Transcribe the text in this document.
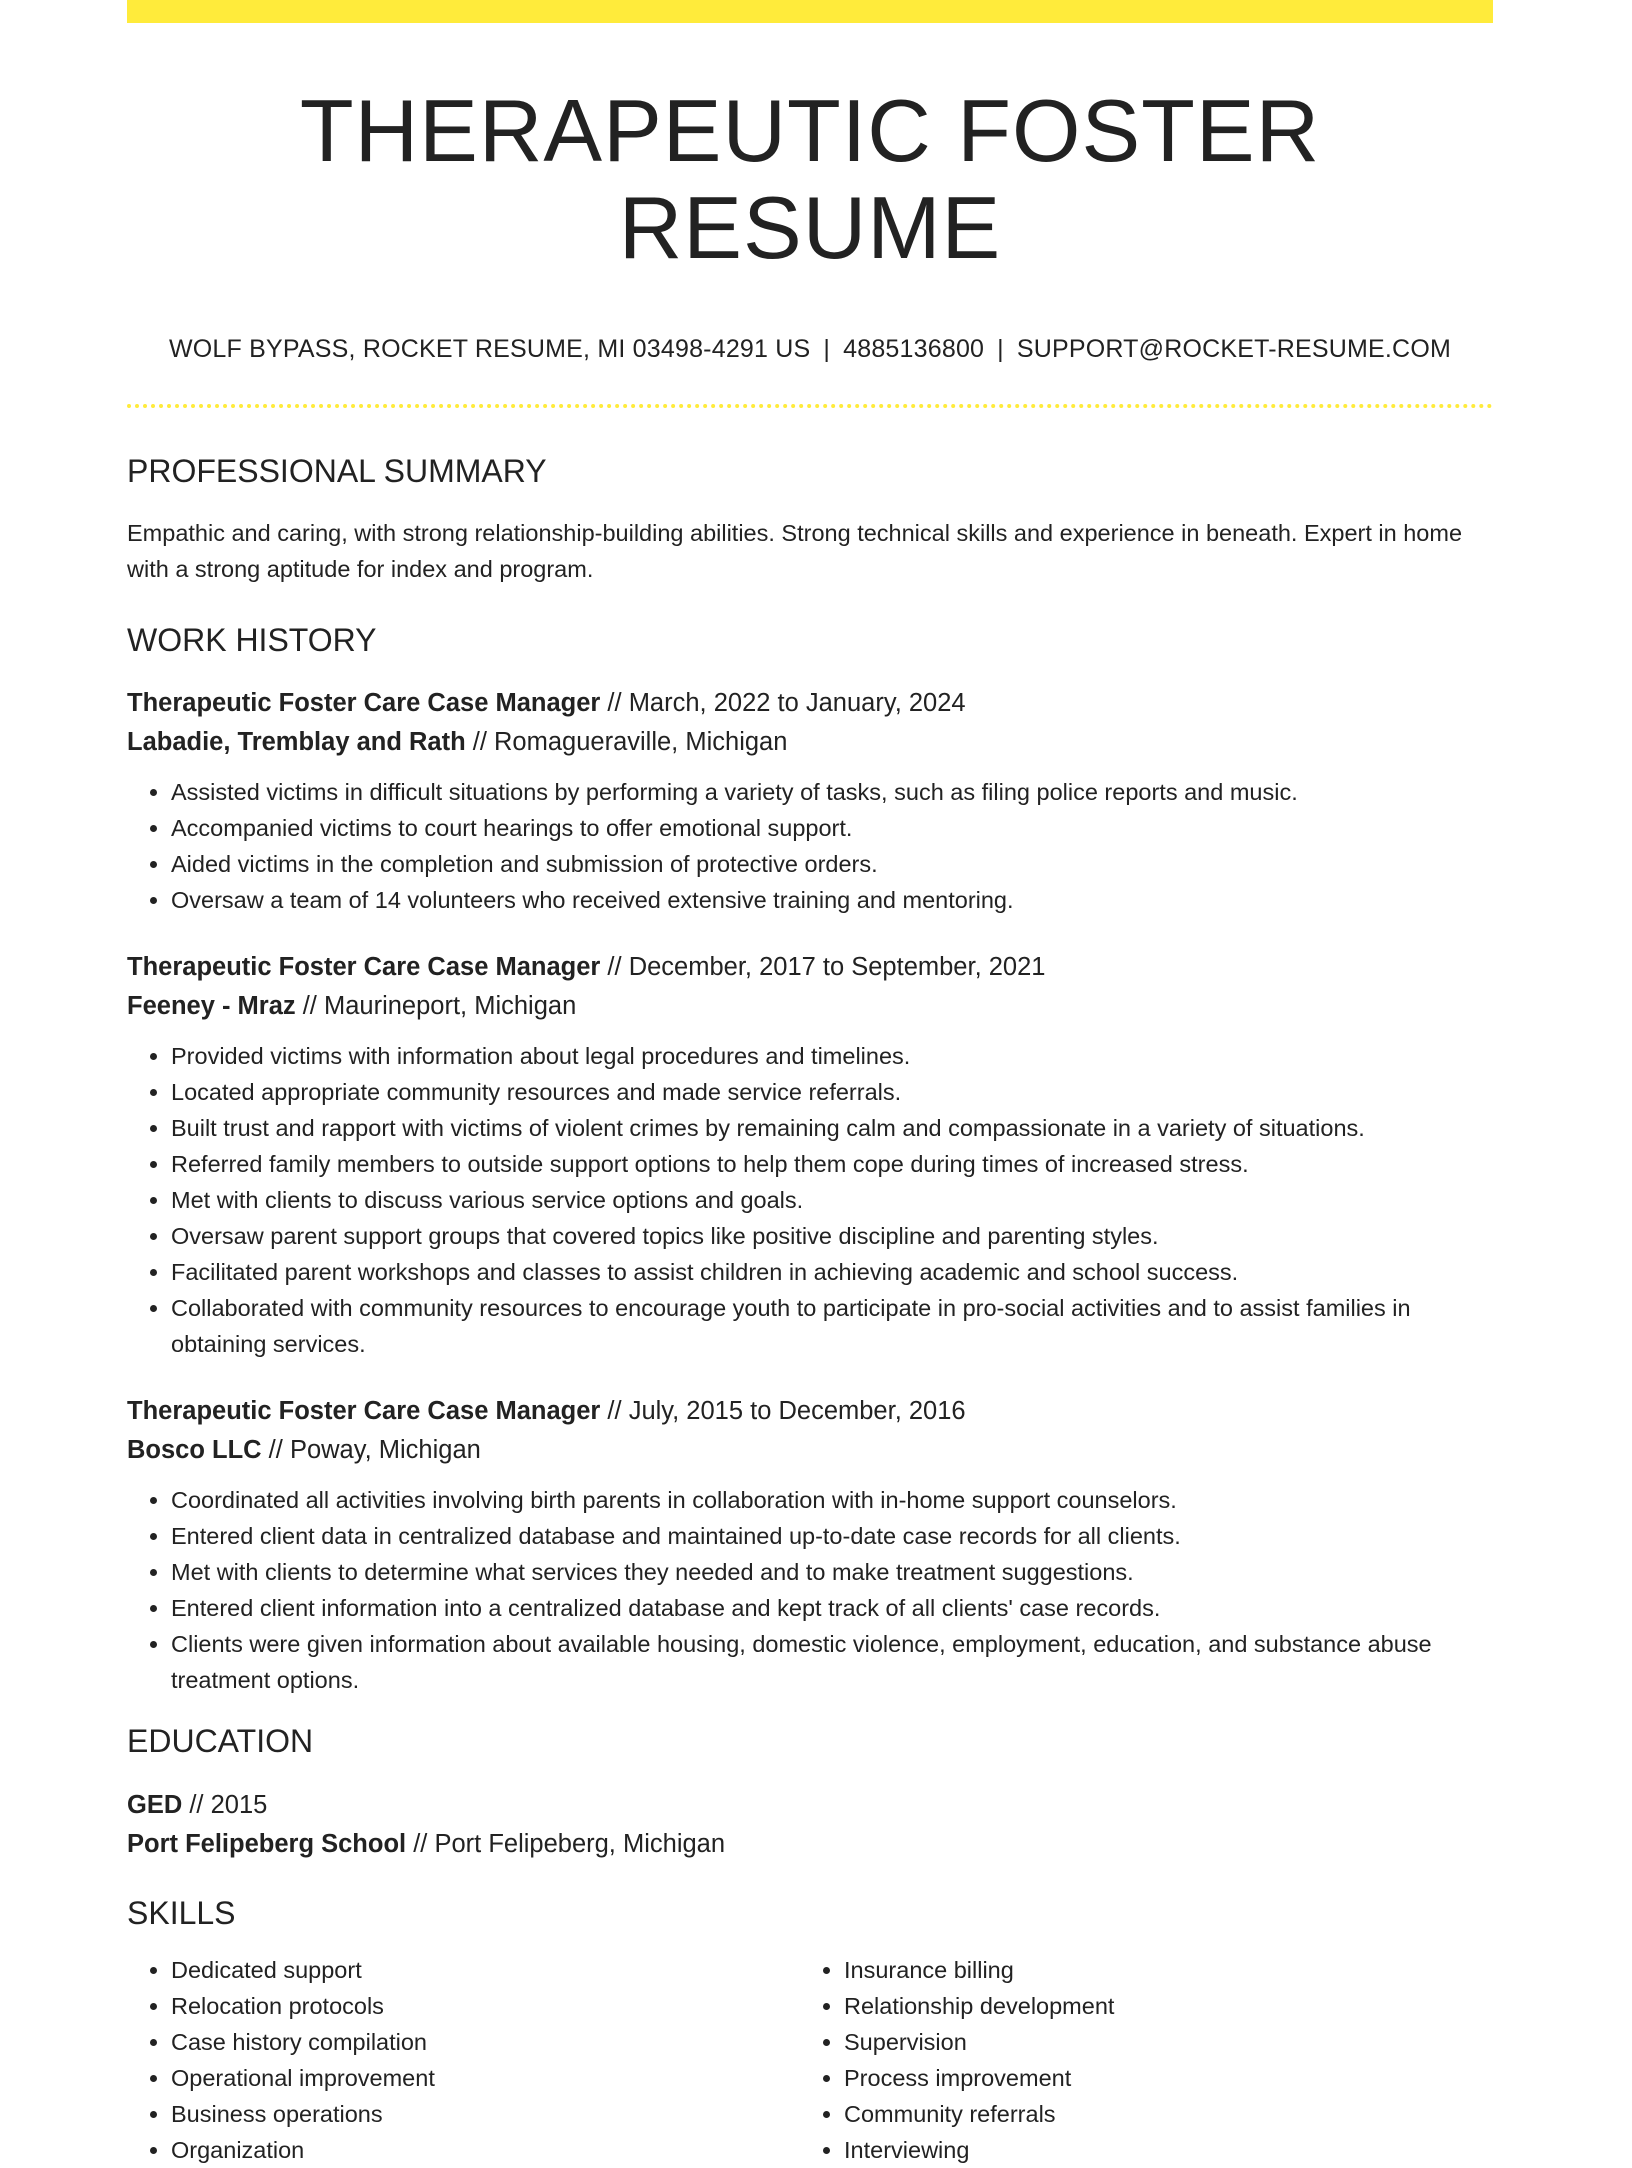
THERAPEUTIC FOSTER RESUME
WOLF BYPASS, ROCKET RESUME, MI 03498-4291 US | 4885136800 | SUPPORT@ROCKET-RESUME.COM
PROFESSIONAL SUMMARY
Empathic and caring, with strong relationship-building abilities. Strong technical skills and experience in beneath. Expert in home with a strong aptitude for index and program.
WORK HISTORY
Therapeutic Foster Care Case Manager // March, 2022 to January, 2024
Labadie, Tremblay and Rath // Romagueraville, Michigan
• Assisted victims in difficult situations by performing a variety of tasks, such as filing police reports and music.
• Accompanied victims to court hearings to offer emotional support.
• Aided victims in the completion and submission of protective orders.
• Oversaw a team of 14 volunteers who received extensive training and mentoring.
Therapeutic Foster Care Case Manager // December, 2017 to September, 2021
Feeney - Mraz // Maurineport, Michigan
• Provided victims with information about legal procedures and timelines.
• Located appropriate community resources and made service referrals.
• Built trust and rapport with victims of violent crimes by remaining calm and compassionate in a variety of situations.
• Referred family members to outside support options to help them cope during times of increased stress.
• Met with clients to discuss various service options and goals.
• Oversaw parent support groups that covered topics like positive discipline and parenting styles.
• Facilitated parent workshops and classes to assist children in achieving academic and school success.
• Collaborated with community resources to encourage youth to participate in pro-social activities and to assist families in obtaining services.
Therapeutic Foster Care Case Manager // July, 2015 to December, 2016
Bosco LLC // Poway, Michigan
• Coordinated all activities involving birth parents in collaboration with in-home support counselors.
• Entered client data in centralized database and maintained up-to-date case records for all clients.
• Met with clients to determine what services they needed and to make treatment suggestions.
• Entered client information into a centralized database and kept track of all clients' case records.
• Clients were given information about available housing, domestic violence, employment, education, and substance abuse treatment options.
EDUCATION
GED // 2015
Port Felipeberg School // Port Felipeberg, Michigan
SKILLS
• Dedicated support
• Relocation protocols
• Case history compilation
• Operational improvement
• Business operations
• Organization
• Insurance billing
• Relationship development
• Supervision
• Process improvement
• Community referrals
• Interviewing
